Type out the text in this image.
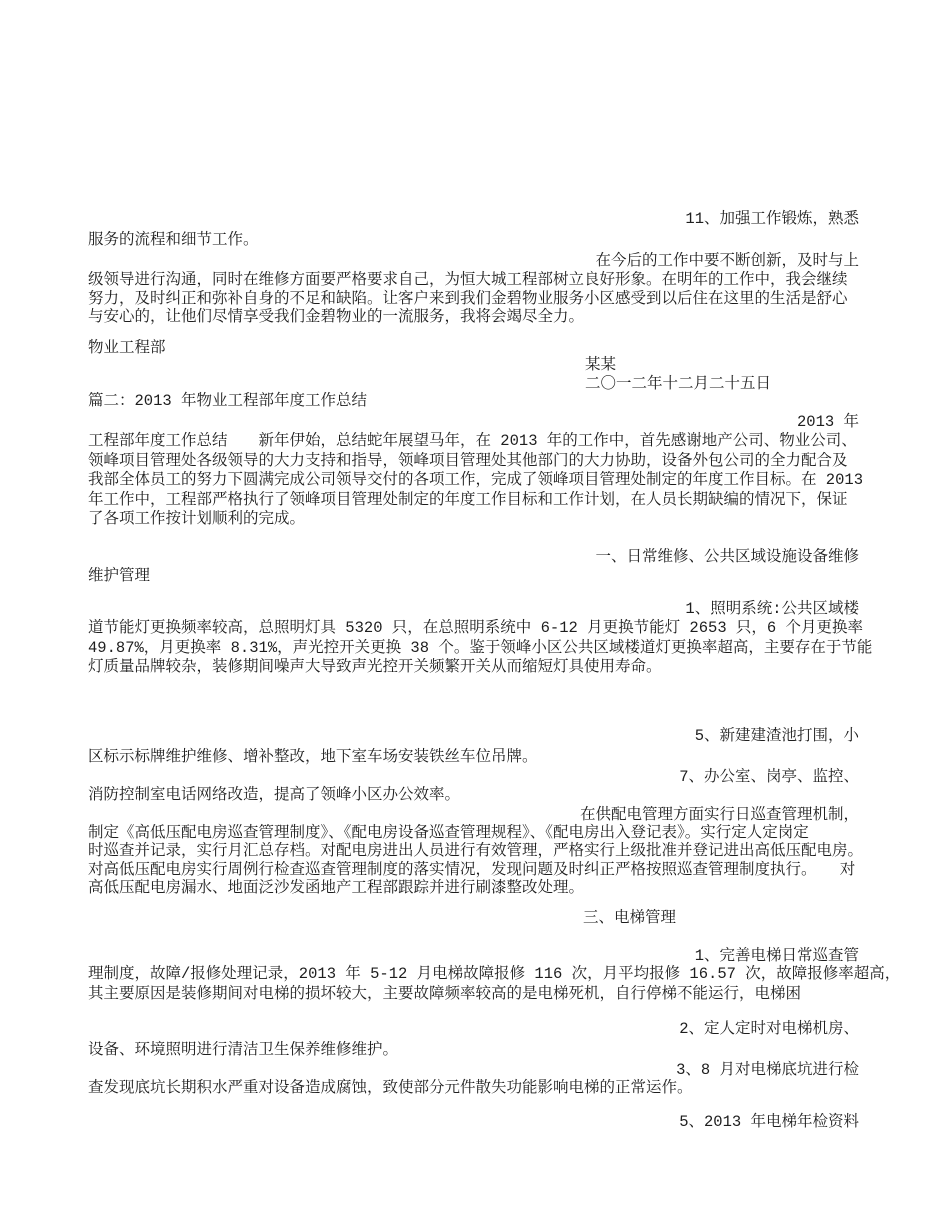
11、加强工作锻炼，熟悉
服务的流程和细节工作。
在今后的工作中要不断创新，及时与上
级领导进行沟通，同时在维修方面要严格要求自己，为恒大城工程部树立良好形象。在明年的工作中，我会继续
努力，及时纠正和弥补自身的不足和缺陷。让客户来到我们金碧物业服务小区感受到以后住在这里的生活是舒心
与安心的，让他们尽情享受我们金碧物业的一流服务，我将会竭尽全力。
物业工程部
某某
二〇一二年十二月二十五日
篇二：2013 年物业工程部年度工作总结
2013 年
工程部年度工作总结　　新年伊始，总结蛇年展望马年，在 2013 年的工作中，首先感谢地产公司、物业公司、
领峰项目管理处各级领导的大力支持和指导，领峰项目管理处其他部门的大力协助，设备外包公司的全力配合及
我部全体员工的努力下圆满完成公司领导交付的各项工作，完成了领峰项目管理处制定的年度工作目标。在 2013
年工作中，工程部严格执行了领峰项目管理处制定的年度工作目标和工作计划，在人员长期缺编的情况下，保证
了各项工作按计划顺利的完成。
一、日常维修、公共区域设施设备维修
维护管理
1、照明系统:公共区域楼
道节能灯更换频率较高，总照明灯具 5320 只，在总照明系统中 6-12 月更换节能灯 2653 只，6 个月更换率
49.87%，月更换率 8.31%，声光控开关更换 38 个。鉴于领峰小区公共区域楼道灯更换率超高，主要存在于节能
灯质量品牌较杂，装修期间噪声大导致声光控开关频繁开关从而缩短灯具使用寿命。
5、新建建渣池打围，小
区标示标牌维护维修、增补整改，地下室车场安装铁丝车位吊牌。
7、办公室、岗亭、监控、
消防控制室电话网络改造，提高了领峰小区办公效率。
在供配电管理方面实行日巡查管理机制，
制定《高低压配电房巡查管理制度》、《配电房设备巡查管理规程》、《配电房出入登记表》。实行定人定岗定
时巡查并记录，实行月汇总存档。对配电房进出人员进行有效管理，严格实行上级批准并登记进出高低压配电房。
对高低压配电房实行周例行检查巡查管理制度的落实情况，发现问题及时纠正严格按照巡查管理制度执行。　　对
高低压配电房漏水、地面泛沙发函地产工程部跟踪并进行刷漆整改处理。
三、电梯管理
1、完善电梯日常巡查管
理制度，故障/报修处理记录，2013 年 5-12 月电梯故障报修 116 次，月平均报修 16.57 次，故障报修率超高，
其主要原因是装修期间对电梯的损坏较大，主要故障频率较高的是电梯死机，自行停梯不能运行，电梯困
2、定人定时对电梯机房、
设备、环境照明进行清洁卫生保养维修维护。
3、8 月对电梯底坑进行检
查发现底坑长期积水严重对设备造成腐蚀，致使部分元件散失功能影响电梯的正常运作。
5、2013 年电梯年检资料
